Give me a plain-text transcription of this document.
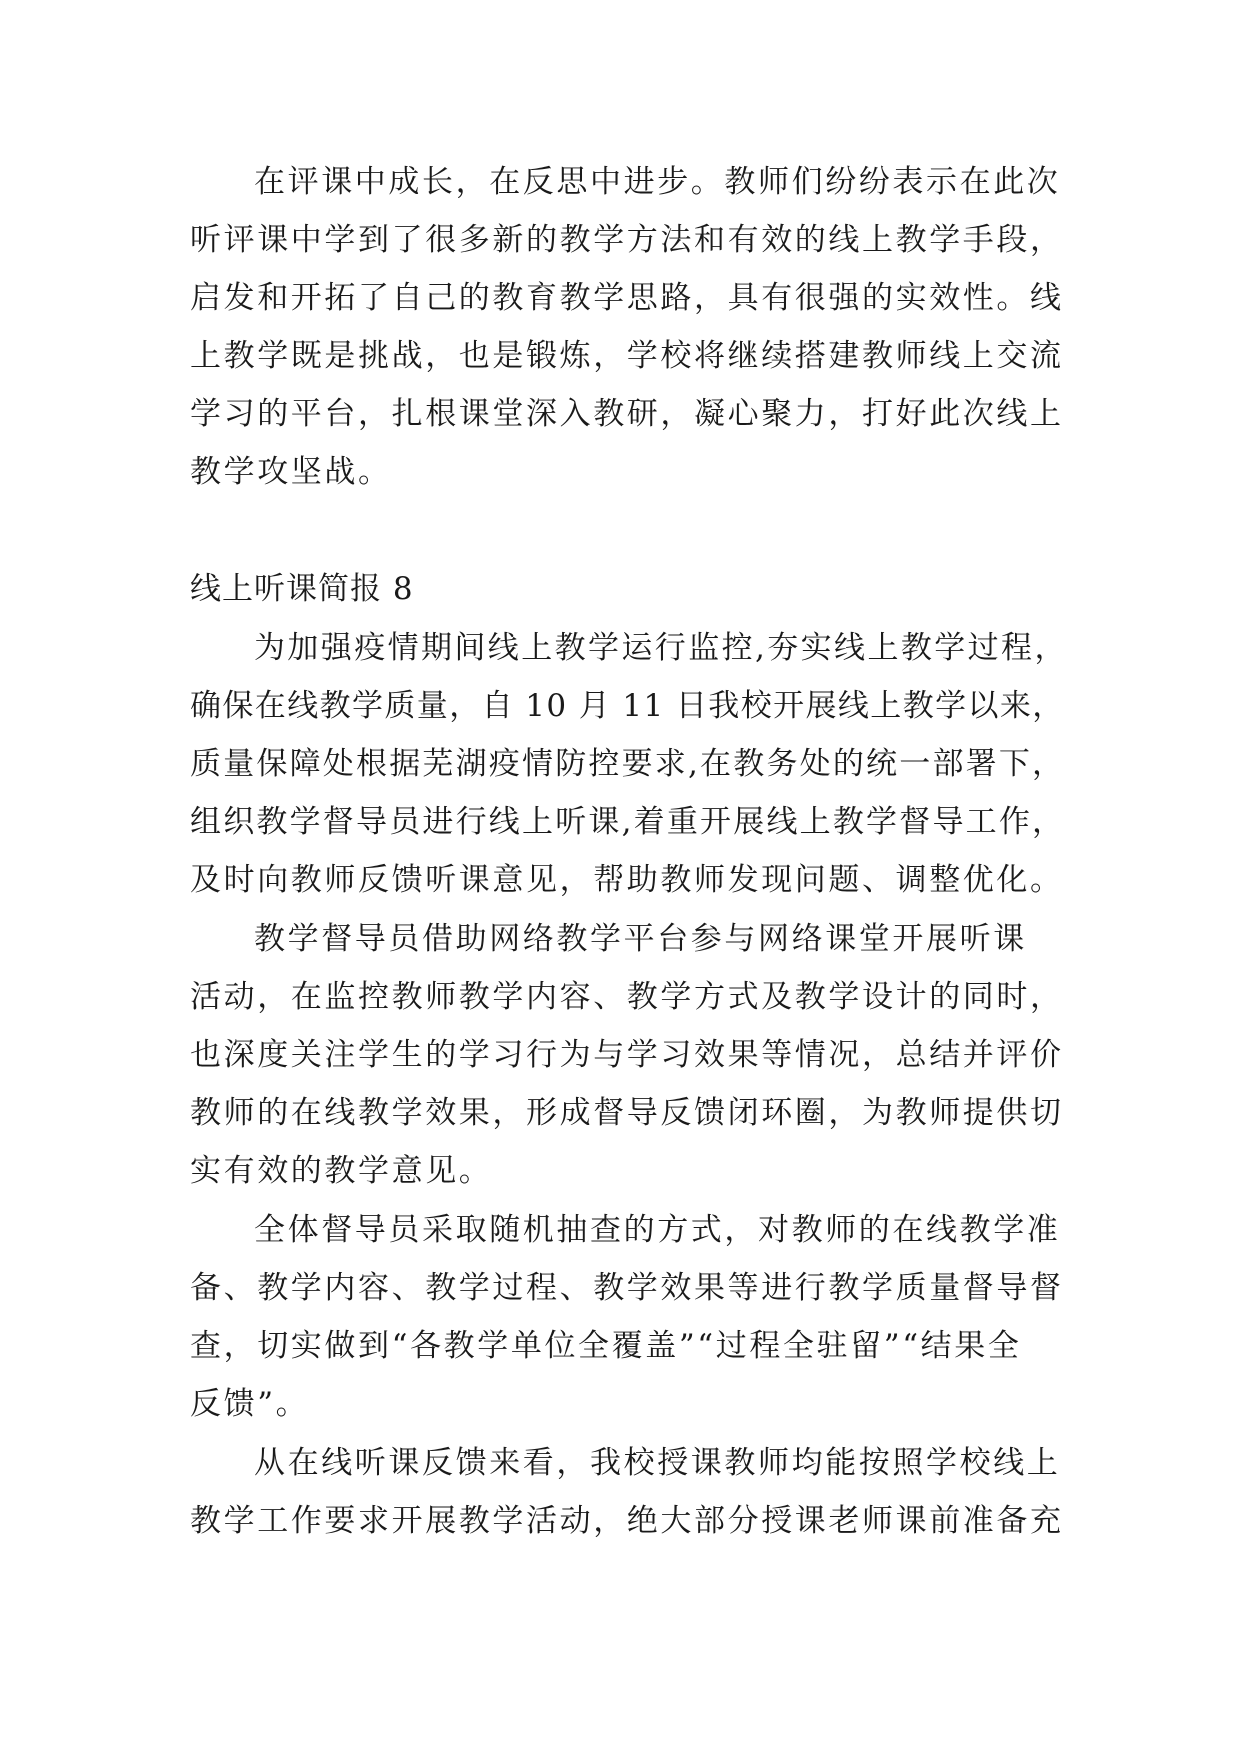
在评课中成长，在反思中进步。教师们纷纷表示在此次
听评课中学到了很多新的教学方法和有效的线上教学手段，
启发和开拓了自己的教育教学思路，具有很强的实效性。线
上教学既是挑战，也是锻炼，学校将继续搭建教师线上交流
学习的平台，扎根课堂深入教研，凝心聚力，打好此次线上
教学攻坚战。
线上听课简报 8
为加强疫情期间线上教学运行监控,夯实线上教学过程，
确保在线教学质量，自 10 月 11 日我校开展线上教学以来，
质量保障处根据芜湖疫情防控要求,在教务处的统一部署下，
组织教学督导员进行线上听课,着重开展线上教学督导工作，
及时向教师反馈听课意见，帮助教师发现问题、调整优化。
教学督导员借助网络教学平台参与网络课堂开展听课
活动，在监控教师教学内容、教学方式及教学设计的同时，
也深度关注学生的学习行为与学习效果等情况，总结并评价
教师的在线教学效果，形成督导反馈闭环圈，为教师提供切
实有效的教学意见。
全体督导员采取随机抽查的方式，对教师的在线教学准
备、教学内容、教学过程、教学效果等进行教学质量督导督
查，切实做到“各教学单位全覆盖”“过程全驻留”“结果全
反馈”。
从在线听课反馈来看，我校授课教师均能按照学校线上
教学工作要求开展教学活动，绝大部分授课老师课前准备充
